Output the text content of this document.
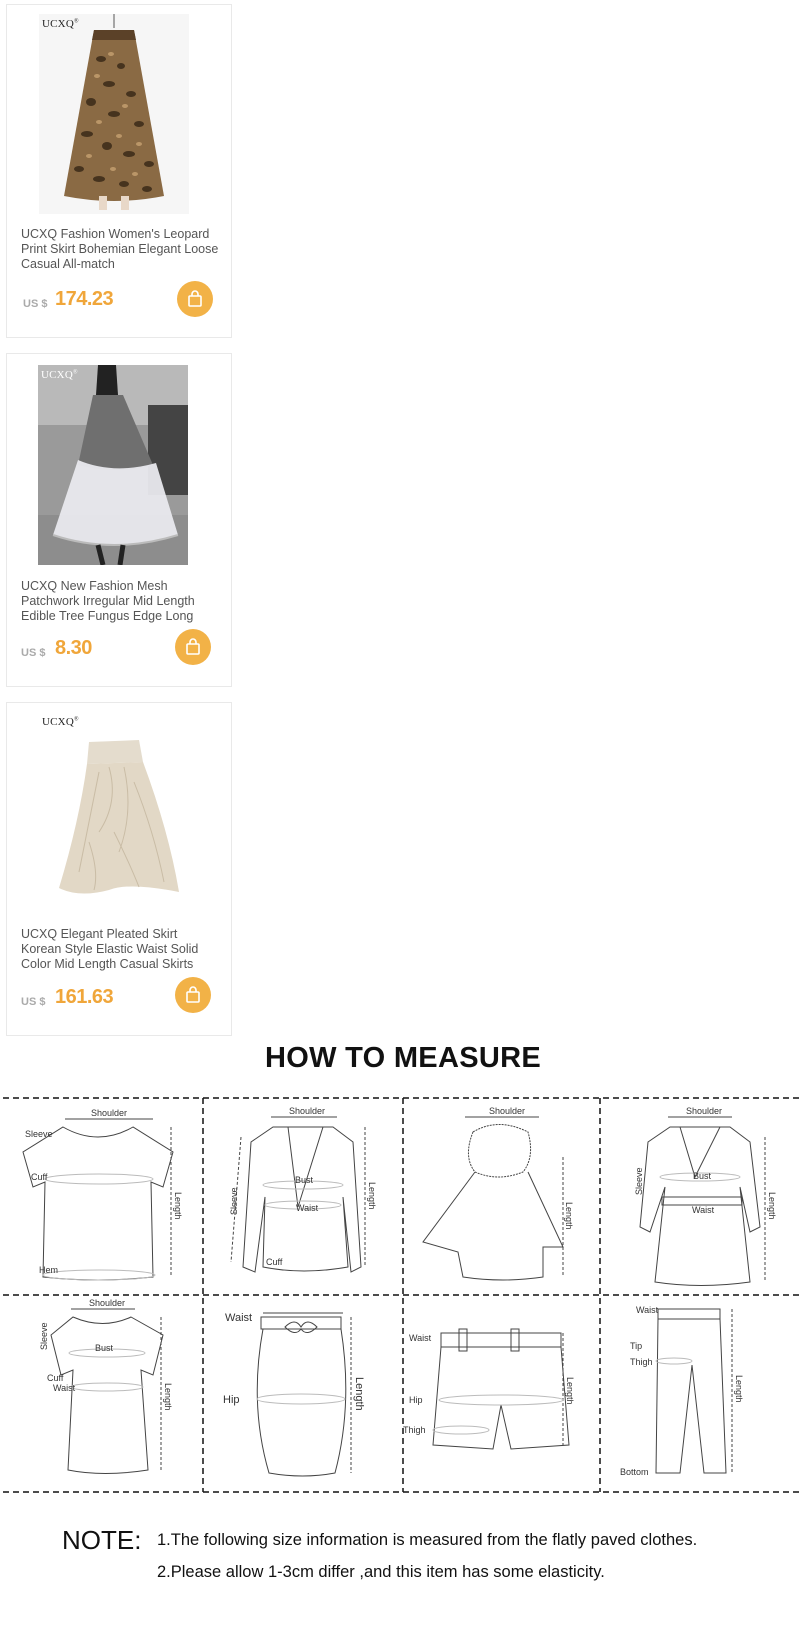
UCXQ®
UCXQ Fashion Women's Leopard Print Skirt Bohemian Elegant Loose Casual All-match
US $ 174.23
UCXQ®
UCXQ New Fashion Mesh Patchwork Irregular Mid Length Edible Tree Fungus Edge Long
US $ 8.30
UCXQ®
UCXQ Elegant Pleated Skirt Korean Style Elastic Waist Solid Color Mid Length Casual Skirts
US $ 161.63
HOW TO MEASURE
Shoulder
Sleeve
Cuff
Hem
Length
Shoulder
Bust
Waist
Cuff
Sleeve	Length
Shoulder
Length
Shoulder
Bust
Waist
Sleeve
Length
Shoulder
Bust
Cuff
Waist
Sleeve
Length
Waist
Hip	Length
Waist
Hip
Thigh
Length
Waist
Tip
Thigh
Bottom
Length
NOTE: 1.The following size information is measured from the flatly paved clothes.
2.Please allow 1-3cm differ ,and this item has some elasticity.
